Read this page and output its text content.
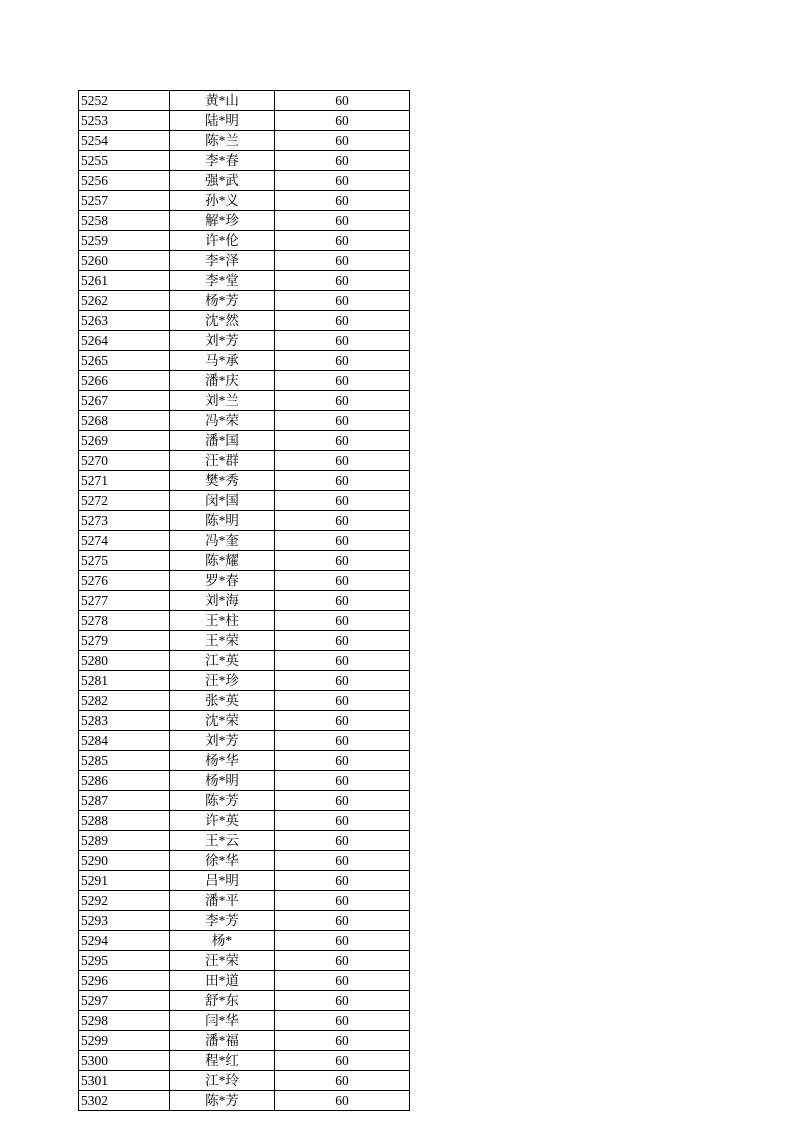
5252	黄*山	60
5253	陆*明	60
5254	陈*兰	60
5255	李*春	60
5256	强*武	60
5257	孙*义	60
5258	解*珍	60
5259	许*伦	60
5260	李*泽	60
5261	李*堂	60
5262	杨*芳	60
5263	沈*然	60
5264	刘*芳	60
5265	马*承	60
5266	潘*庆	60
5267	刘*兰	60
5268	冯*荣	60
5269	潘*国	60
5270	汪*群	60
5271	樊*秀	60
5272	闵*国	60
5273	陈*明	60
5274	冯*奎	60
5275	陈*耀	60
5276	罗*春	60
5277	刘*海	60
5278	王*柱	60
5279	王*荣	60
5280	江*英	60
5281	汪*珍	60
5282	张*英	60
5283	沈*荣	60
5284	刘*芳	60
5285	杨*华	60
5286	杨*明	60
5287	陈*芳	60
5288	许*英	60
5289	王*云	60
5290	徐*华	60
5291	吕*明	60
5292	潘*平	60
5293	李*芳	60
5294	杨*	60
5295	汪*荣	60
5296	田*道	60
5297	舒*东	60
5298	闫*华	60
5299	潘*福	60
5300	程*红	60
5301	江*玲	60
5302	陈*芳	60
